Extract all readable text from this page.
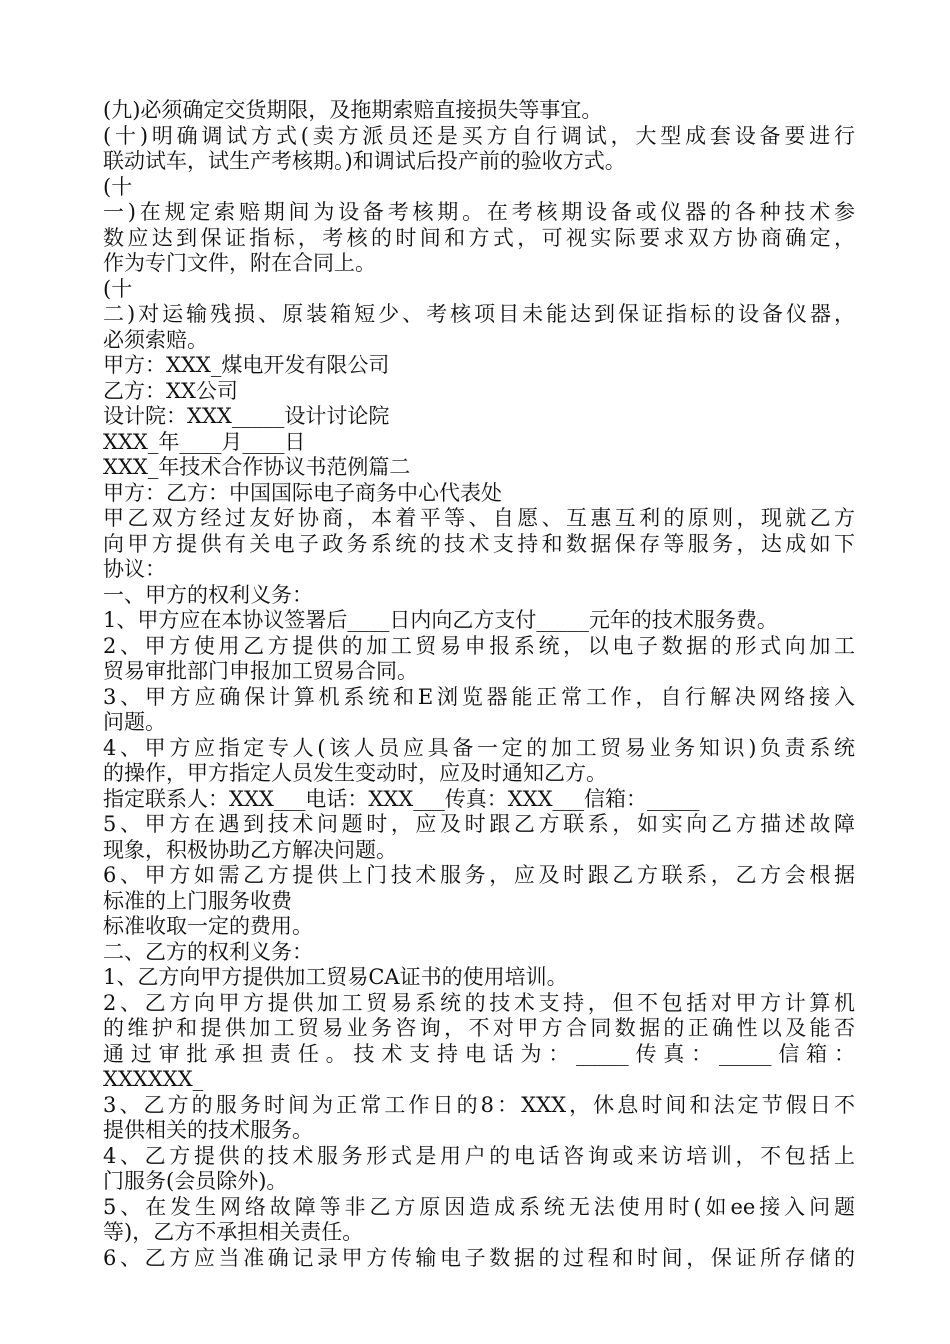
(九)必须确定交货期限，及拖期索赔直接损失等事宜。
(十)明确调试方式(卖方派员还是买方自行调试，大型成套设备要进行
联动试车，试生产考核期。)和调试后投产前的验收方式。
(十
一)在规定索赔期间为设备考核期。在考核期设备或仪器的各种技术参
数应达到保证指标，考核的时间和方式，可视实际要求双方协商确定，
作为专门文件，附在合同上。
(十
二)对运输残损、原装箱短少、考核项目未能达到保证指标的设备仪器，
必须索赔。
甲方：XXX_煤电开发有限公司
乙方：XX公司
设计院：XXX_____设计讨论院
XXX_年____月____日
XXX_年技术合作协议书范例篇二
甲方：乙方：中国国际电子商务中心代表处
甲乙双方经过友好协商，本着平等、自愿、互惠互利的原则，现就乙方
向甲方提供有关电子政务系统的技术支持和数据保存等服务，达成如下
协议：
一、甲方的权利义务：
1、甲方应在本协议签署后____日内向乙方支付_____元年的技术服务费。
2、甲方使用乙方提供的加工贸易申报系统，以电子数据的形式向加工
贸易审批部门申报加工贸易合同。
3、甲方应确保计算机系统和E浏览器能正常工作，自行解决网络接入
问题。
4、甲方应指定专人(该人员应具备一定的加工贸易业务知识)负责系统
的操作，甲方指定人员发生变动时，应及时通知乙方。
指定联系人：XXX___电话：XXX___传真：XXX___信箱：_____
5、甲方在遇到技术问题时，应及时跟乙方联系，如实向乙方描述故障
现象，积极协助乙方解决问题。
6、甲方如需乙方提供上门技术服务，应及时跟乙方联系，乙方会根据
标准的上门服务收费
标准收取一定的费用。
二、乙方的权利义务：
1、乙方向甲方提供加工贸易CA证书的使用培训。
2、乙方向甲方提供加工贸易系统的技术支持，但不包括对甲方计算机
的维护和提供加工贸易业务咨询，不对甲方合同数据的正确性以及能否
通过审批承担责任。技术支持电话为：_____传真：_____信箱：
XXXXXX_
3、乙方的服务时间为正常工作日的8：XXX，休息时间和法定节假日不
提供相关的技术服务。
4、乙方提供的技术服务形式是用户的电话咨询或来访培训，不包括上
门服务(会员除外)。
5、在发生网络故障等非乙方原因造成系统无法使用时(如ee接入问题
等)，乙方不承担相关责任。
6、乙方应当准确记录甲方传输电子数据的过程和时间，保证所存储的
